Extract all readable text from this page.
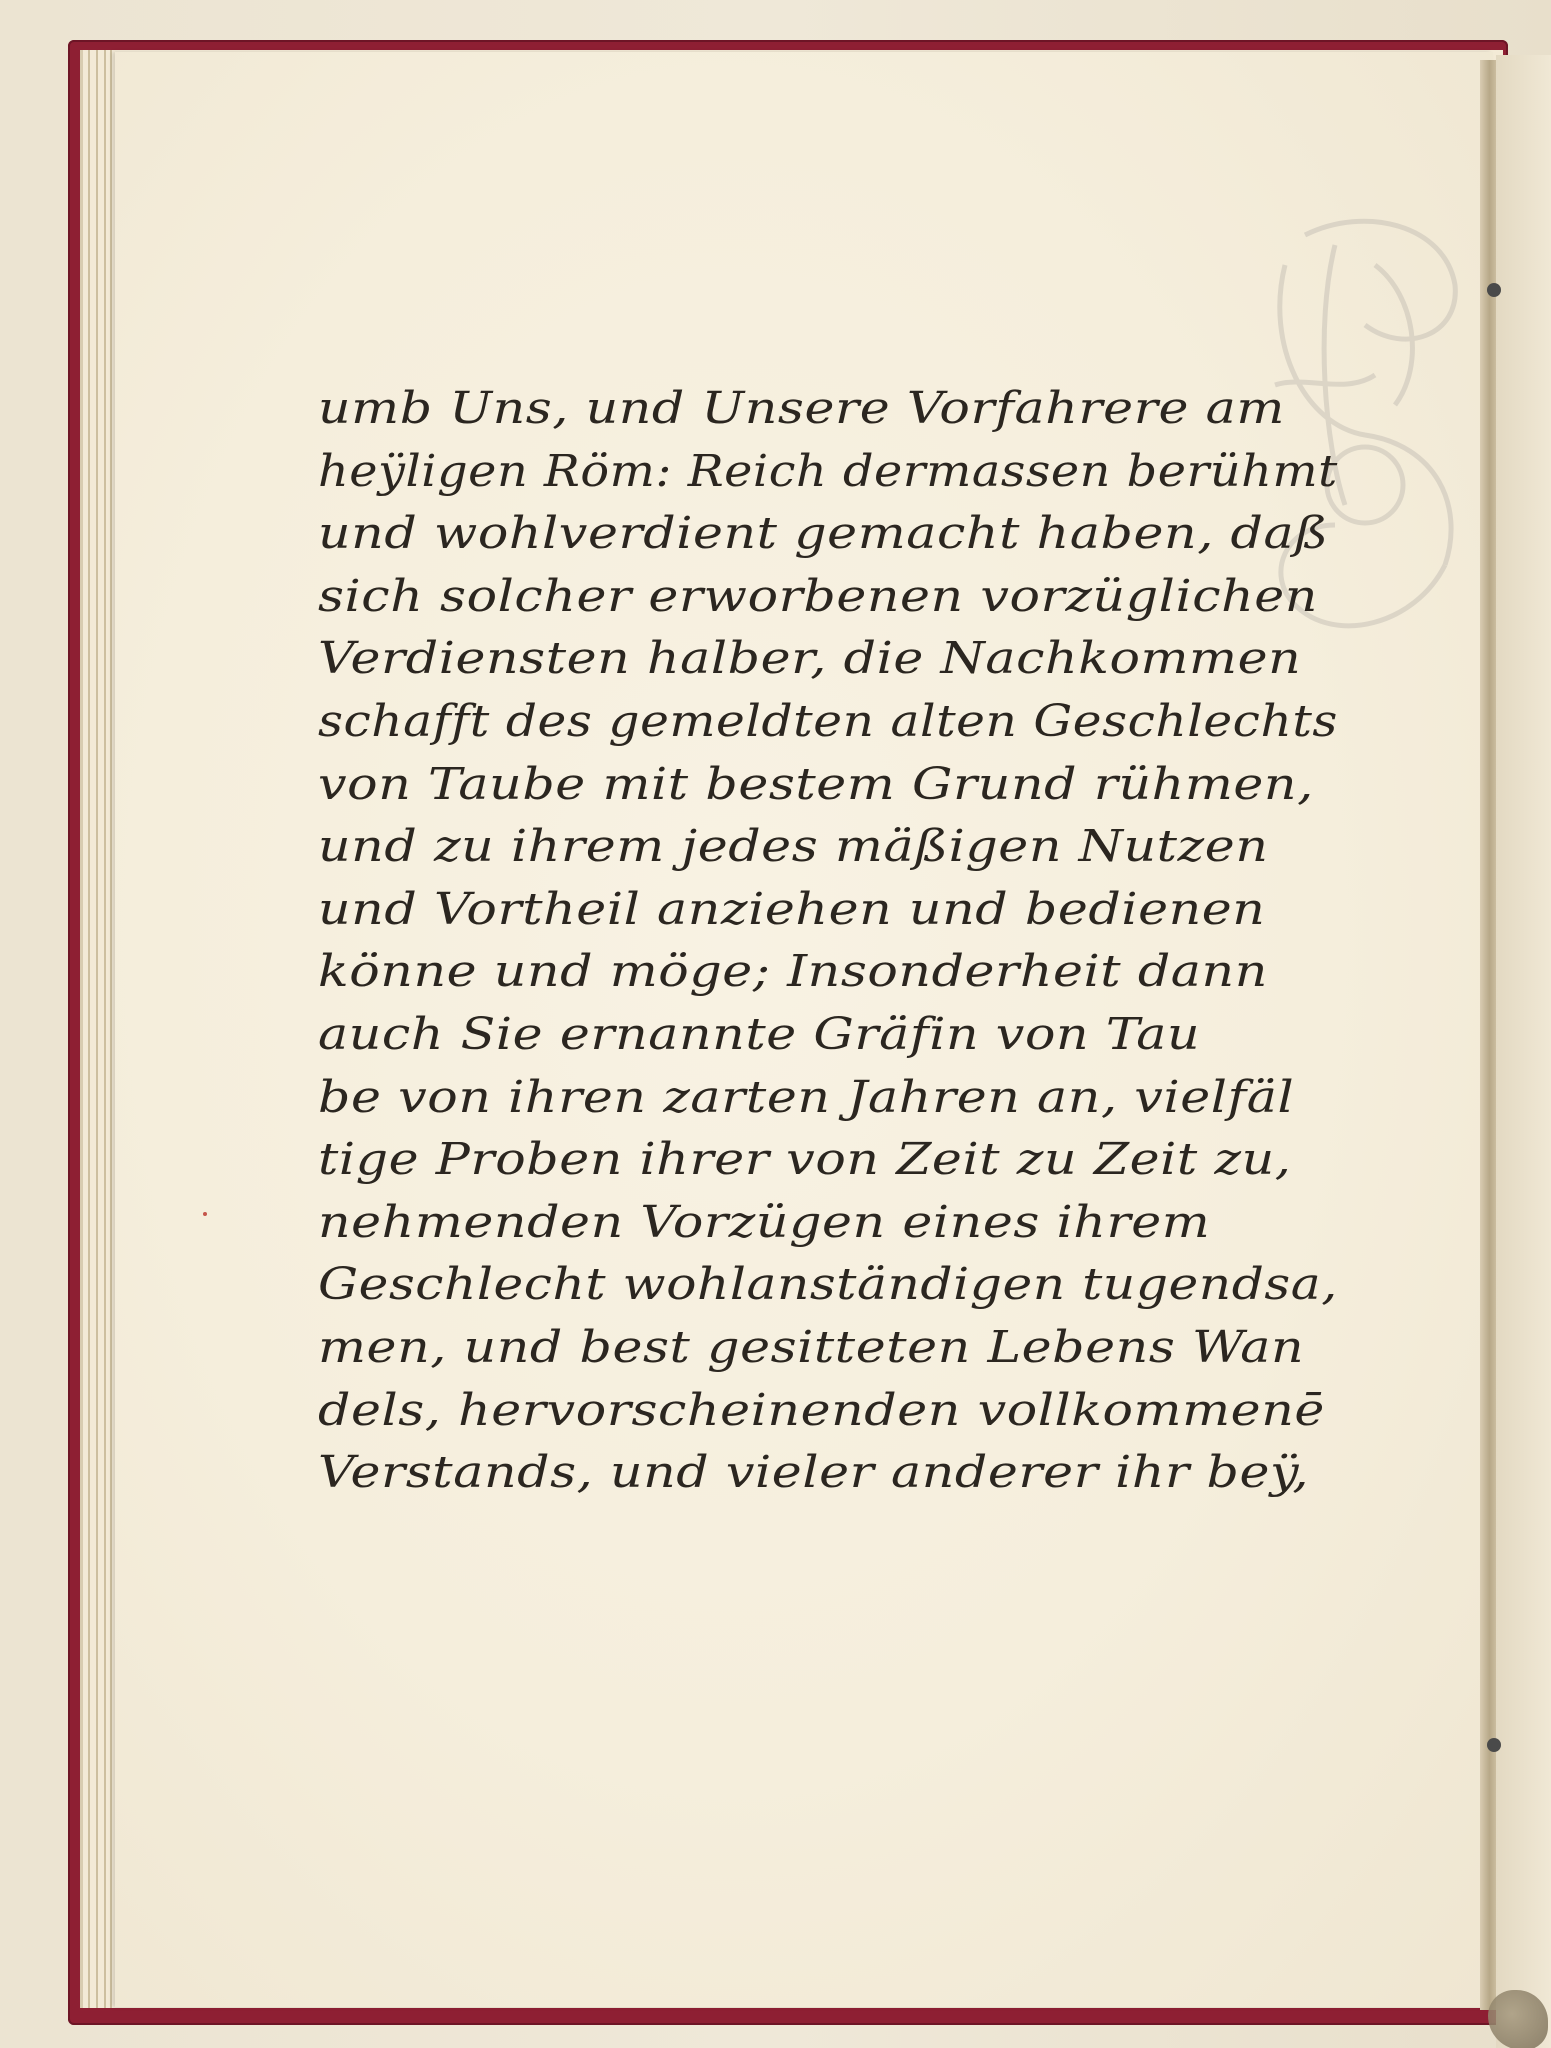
umb Uns, und Unsere Vorfahrere am
heÿligen Röm: Reich dermassen berühmt
und wohlverdient gemacht haben, daß
sich solcher erworbenen vorzüglichen
Verdiensten halber, die Nachkommen
schafft des gemeldten alten Geschlechts
von Taube mit bestem Grund rühmen,
und zu ihrem jedes mäßigen Nutzen
und Vortheil anziehen und bedienen
könne und möge; Insonderheit dann
auch Sie ernannte Gräfin von Tau
be von ihren zarten Jahren an, vielfäl
tige Proben ihrer von Zeit zu Zeit zu,
nehmenden Vorzügen eines ihrem
Geschlecht wohlanständigen tugendsa,
men, und best gesitteten Lebens Wan
dels, hervorscheinenden vollkommenē
Verstands, und vieler anderer ihr beÿ,
